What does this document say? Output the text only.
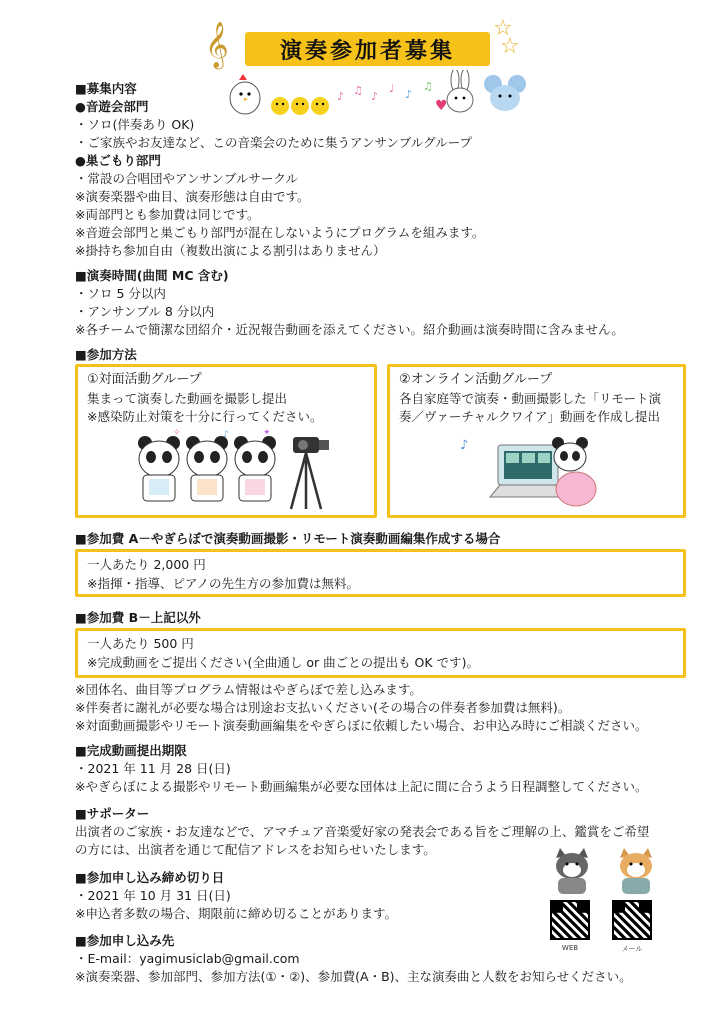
𝄞	演奏参加者募集
☆
☆
♪ ♫ ♪
♩ ♪
♫
♥
■募集内容
●音遊会部門
・ソロ(伴奏あり OK)
・ご家族やお友達など、この音楽会のために集うアンサンブルグループ
●巣ごもり部門
・常設の合唱団やアンサンブルサークル
※演奏楽器や曲目、演奏形態は自由です。
※両部門とも参加費は同じです。
※音遊会部門と巣ごもり部門が混在しないようにプログラムを組みます。
※掛持ち参加自由（複数出演による割引はありません）
■演奏時間(曲間 MC 含む)
・ソロ 5 分以内
・アンサンブル 8 分以内
※各チームで簡潔な団紹介・近況報告動画を添えてください。紹介動画は演奏時間に含みません。
■参加方法
①対面活動グループ
集まって演奏した動画を撮影し提出
※感染防止対策を十分に行ってください。
✧	♪	✦
②オンライン活動グループ
各自家庭等で演奏・動画撮影した「リモート演
奏／ヴァーチャルクワイア」動画を作成し提出
♪
■参加費 A－やぎらぼで演奏動画撮影・リモート演奏動画編集作成する場合
一人あたり 2,000 円
※指揮・指導、ピアノの先生方の参加費は無料。
■参加費 B－上記以外
一人あたり 500 円
※完成動画をご提出ください(全曲通し or 曲ごとの提出も OK です)。
※団体名、曲目等プログラム情報はやぎらぼで差し込みます。
※伴奏者に謝礼が必要な場合は別途お支払いください(その場合の伴奏者参加費は無料)。
※対面動画撮影やリモート演奏動画編集をやぎらぼに依頼したい場合、お申込み時にご相談ください。
■完成動画提出期限
・2021 年 11 月 28 日(日)
※やぎらぼによる撮影やリモート動画編集が必要な団体は上記に間に合うよう日程調整してください。
■サポーター
出演者のご家族・お友達などで、アマチュア音楽愛好家の発表会である旨をご理解の上、鑑賞をご希望
の方には、出演者を通じて配信アドレスをお知らせいたします。
■参加申し込み締め切り日
・2021 年 10 月 31 日(日)
※申込者多数の場合、期限前に締め切ることがあります。
■参加申し込み先
・E-mail：yagimusiclab@gmail.com
※演奏楽器、参加部門、参加方法(①・②)、参加費(A・B)、主な演奏曲と人数をお知らせください。
WEB	メール
